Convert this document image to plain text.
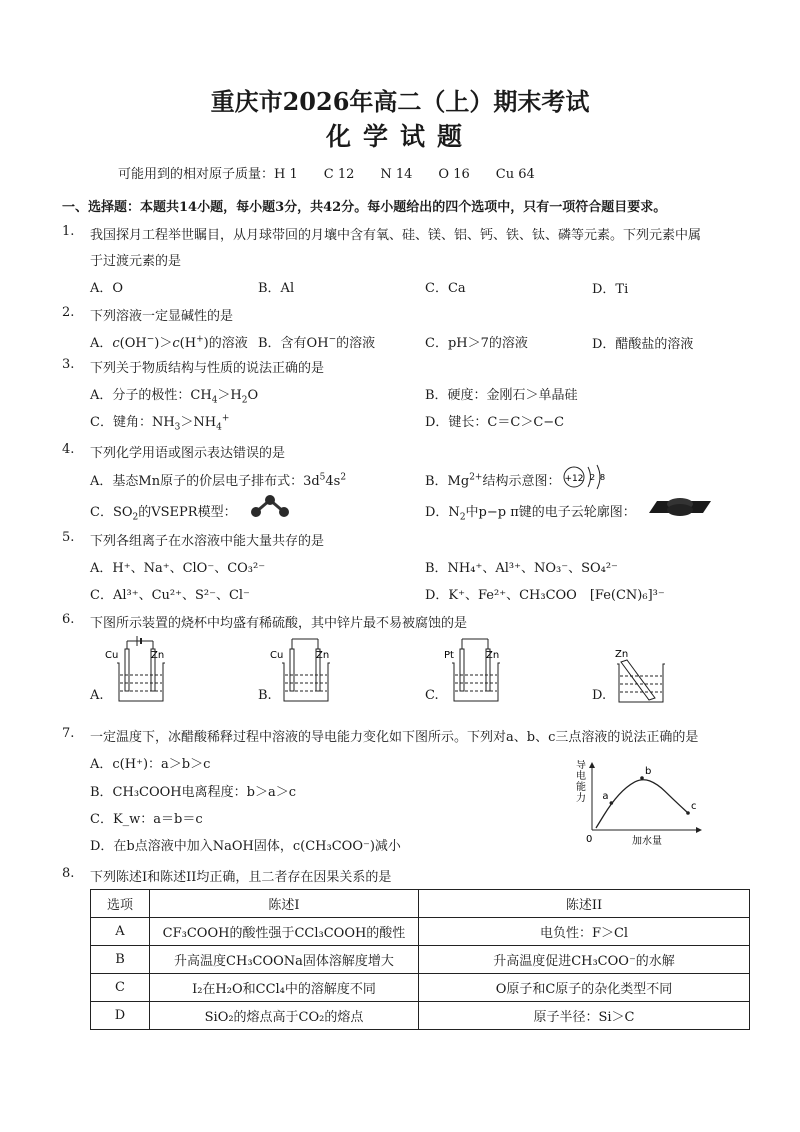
重庆市2026年高二（上）期末考试
化学试题
可能用到的相对原子质量：H 1　　C 12　　N 14　　O 16　　Cu 64
一、选择题：本题共14小题，每小题3分，共42分。每小题给出的四个选项中，只有一项符合题目要求。
1. 我国探月工程举世瞩目，从月球带回的月壤中含有氧、硅、镁、铝、钙、铁、钛、磷等元素。下列元素中属
于过渡元素的是
A．O	B．Al	C．Ca	D．Ti
2. 下列溶液一定显碱性的是
A．c(OH−)＞c(H+)的溶液 B．含有OH−的溶液	C．pH＞7的溶液	D．醋酸盐的溶液
3. 下列关于物质结构与性质的说法正确的是
A．分子的极性：$CH_4>H_2O$	B．硬度：金刚石＞单晶硅
C．键角：$NH_3>NH_4^+$	D．键长：C＝C＞C−C
4. 下列化学用语或图示表达错误的是
A．基态Mn原子的价层电子排布式：$3d^54s^2$	B．$Mg^{2+}$结构示意图： +12 2 8
C．$SO_2$的VSEPR模型：	D．$N_2$中p−p π键的电子云轮廓图：
5. 下列各组离子在水溶液中能大量共存的是
A．H⁺、Na⁺、ClO⁻、CO₃²⁻	B．NH₄⁺、Al³⁺、NO₃⁻、SO₄²⁻
C．Al³⁺、Cu²⁺、S²⁻、Cl⁻	D．K⁺、Fe²⁺、CH₃COO　[Fe(CN)₆]³⁻
6. 下图所示装置的烧杯中均盛有稀硫酸，其中锌片最不易被腐蚀的是
A.
Cu	Zn
B.
Cu	Zn
C.
Pt	Zn
D.
Zn
7. 一定温度下，冰醋酸稀释过程中溶液的导电能力变化如下图所示。下列对a、b、c三点溶液的说法正确的是
A．c(H⁺)：a＞b＞c
B．CH₃COOH电离程度：b＞a＞c
C．K_w：a＝b＝c
D．在b点溶液中加入NaOH固体，c(CH₃COO⁻)减小
导 电 能 力
0	加水量
a
b
c
8. 下列陈述I和陈述II均正确，且二者存在因果关系的是
选项	陈述I	陈述II
A	CF₃COOH的酸性强于CCl₃COOH的酸性	电负性：F＞Cl
B	升高温度CH₃COONa固体溶解度增大	升高温度促进CH₃COO⁻的水解
C	I₂在H₂O和CCl₄中的溶解度不同	O原子和C原子的杂化类型不同
D	SiO₂的熔点高于CO₂的熔点	原子半径：Si＞C
